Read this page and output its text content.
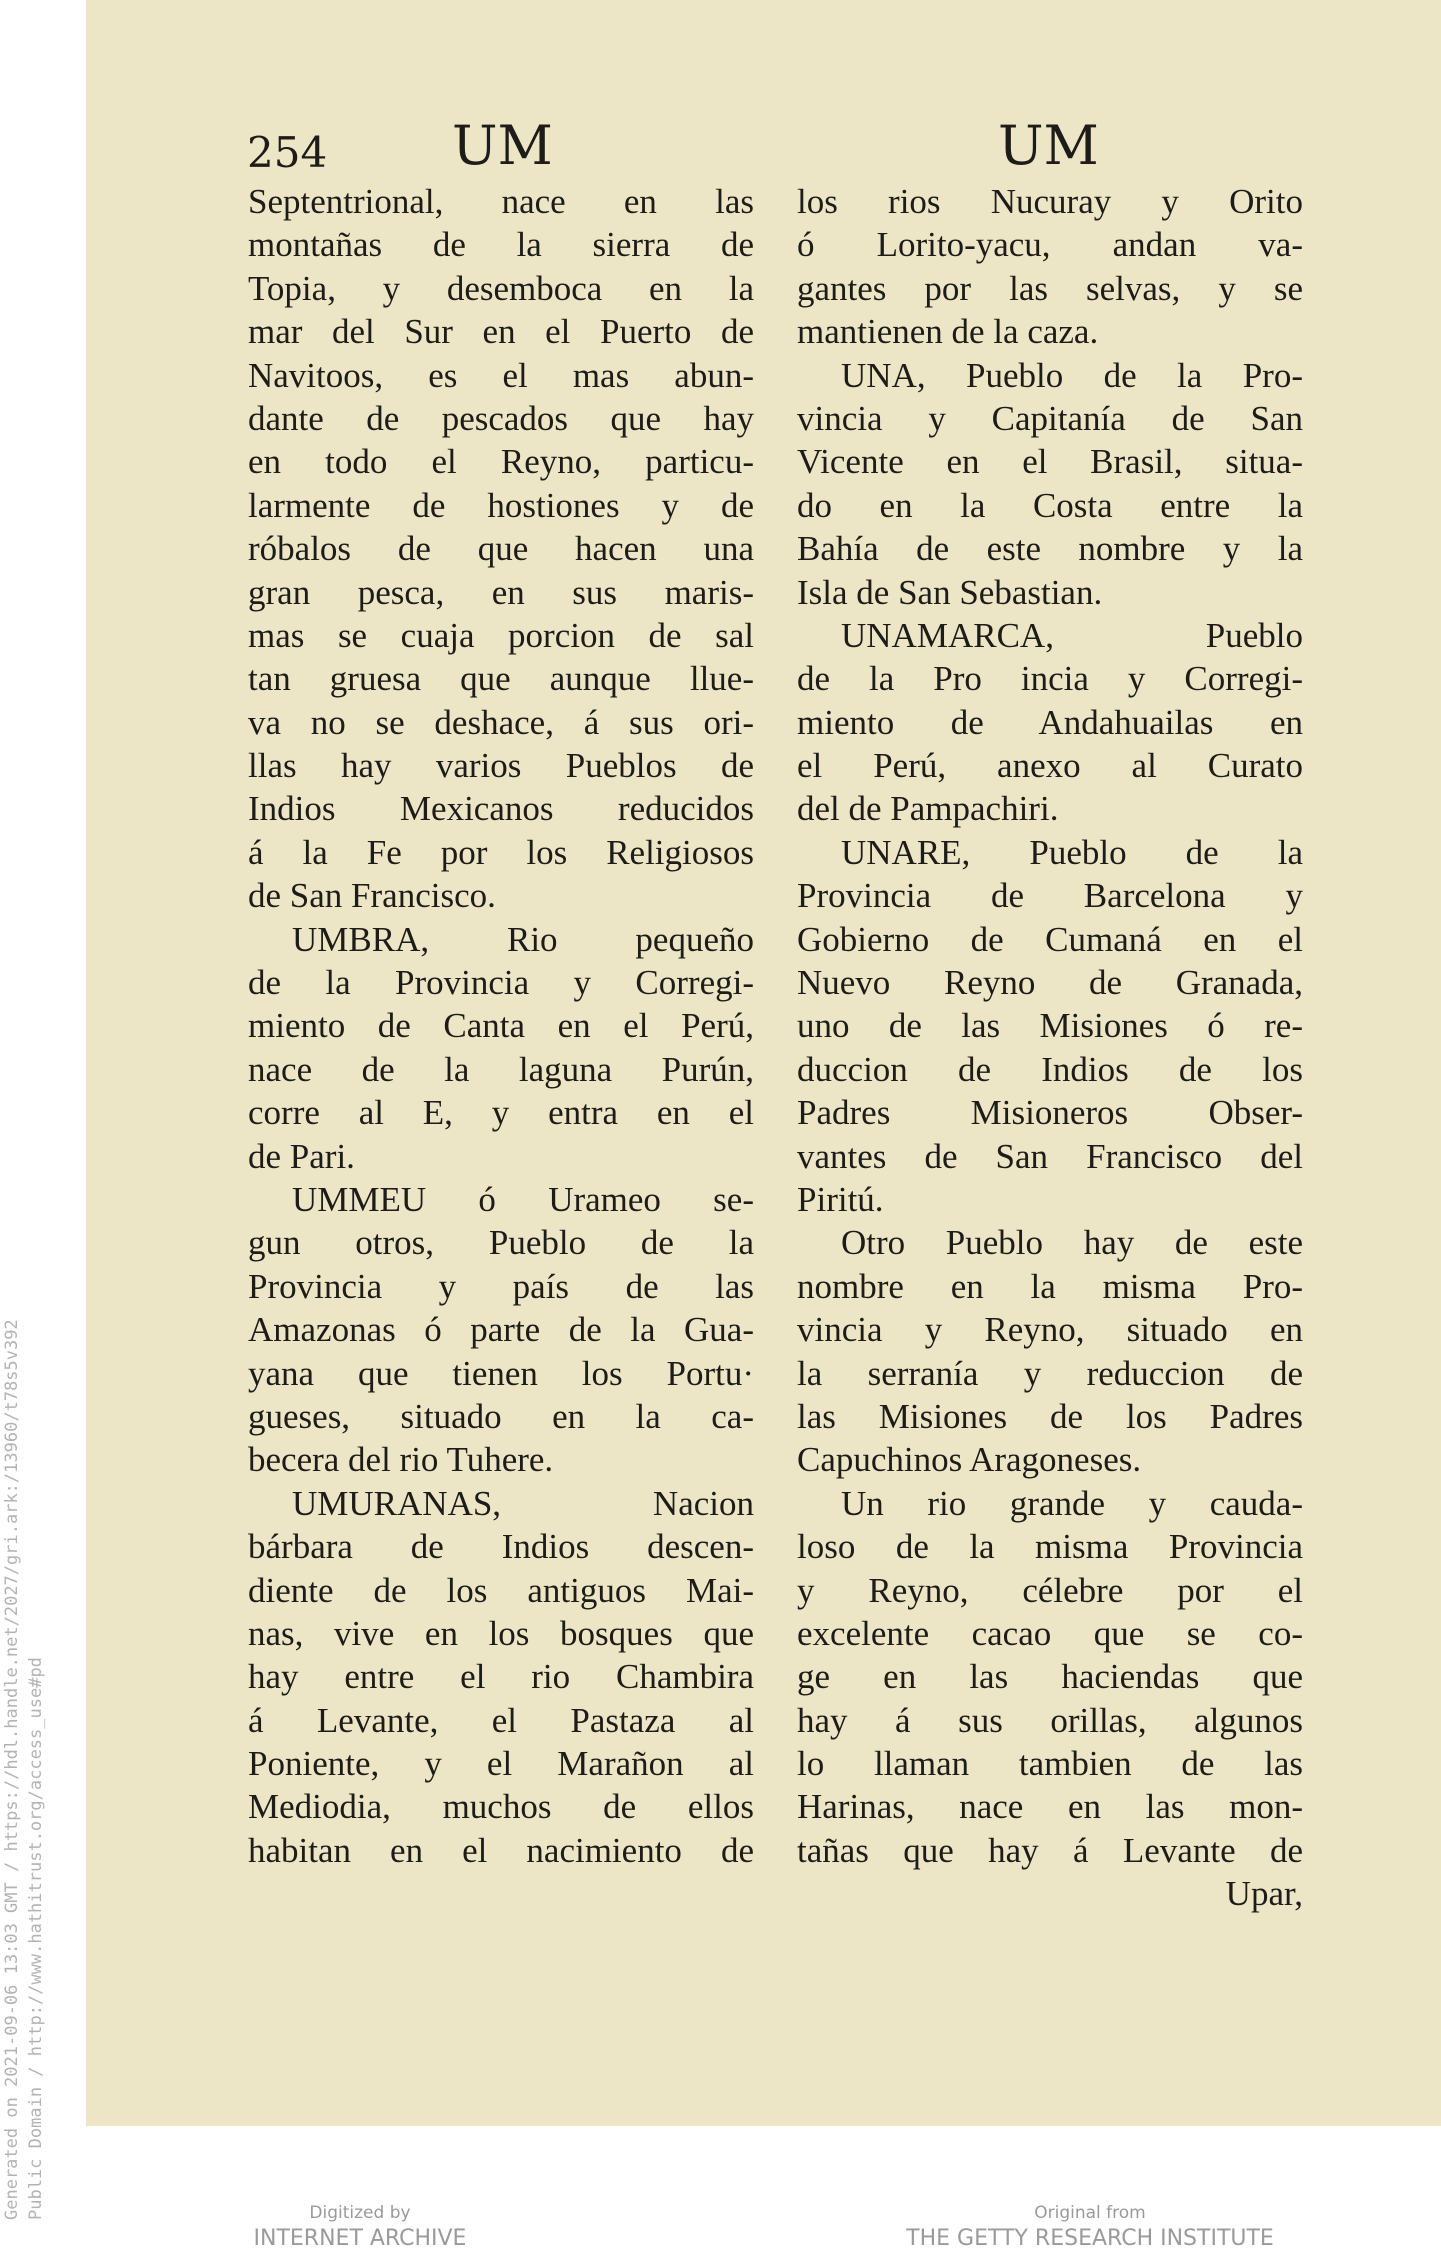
Generated on 2021-09-06 13:03 GMT / https://hdl.handle.net/2027/gri.ark:/13960/t78s5v392 Public Domain / http://www.hathitrust.org/access_use#pd
254 UM	UM
Septentrional, nace en las
montañas de la sierra de
Topia, y desemboca en la
mar del Sur en el Puerto de
Navitoos, es el mas abun-
dante de pescados que hay
en todo el Reyno, particu-
larmente de hostiones y de
róbalos de que hacen una
gran pesca, en sus maris-
mas se cuaja porcion de sal
tan gruesa que aunque llue-
va no se deshace, á sus ori-
llas hay varios Pueblos de
Indios Mexicanos reducidos
á la Fe por los Religiosos
de San Francisco.
UMBRA, Rio pequeño
de la Provincia y Corregi-
miento de Canta en el Perú,
nace de la laguna Purún,
corre al E, y entra en el
de Pari.
UMMEU ó Uramеo se-
gun otros, Pueblo de la
Provincia y país de las
Amazonas ó parte de la Gua-
yana que tienen los Portu·
gueses, situado en la ca-
becera del rio Tuhere.
UMURANAS, Nacion
bárbara de Indios descen-
diente de los antiguos Mai-
nas, vive en los bosques que
hay entre el rio Chambira
á Levante, el Pastaza al
Poniente, y el Marañon al
Mediodia, muchos de ellos
habitan en el nacimiento de
los rios Nucuray y Orito
ó Lorito-yacu, andan va-
gantes por las selvas, y se
mantienen de la caza.
UNA, Pueblo de la Pro-
vincia y Capitanía de San
Vicente en el Brasil, situa-
do en la Costa entre la
Bahía de este nombre y la
Isla de San Sebastian.
UNAMARCA, Pueblo
de la Pro incia y Corregi-
miento de Andahuailas en
el Perú, anexo al Curato
del de Pampachiri.
UNARE, Pueblo de la
Provincia de Barcelona y
Gobierno de Cumaná en el
Nuevo Reyno de Granada,
uno de las Misiones ó re-
duccion de Indios de los
Padres Misioneros Obser-
vantes de San Francisco del
Piritú.
Otro Pueblo hay de este
nombre en la misma Pro-
vincia y Reyno, situado en
la serranía y reduccion de
las Misiones de los Padres
Capuchinos Aragoneses.
Un rio grande y cauda-
loso de la misma Provincia
y Reyno, célebre por el
excelente cacao que se co-
ge en las haciendas que
hay á sus orillas, algunos
lo llaman tambien de las
Harinas, nace en las mon-
tañas que hay á Levante de
Upar,
Digitized by
INTERNET ARCHIVE
Original from
THE GETTY RESEARCH INSTITUTE
